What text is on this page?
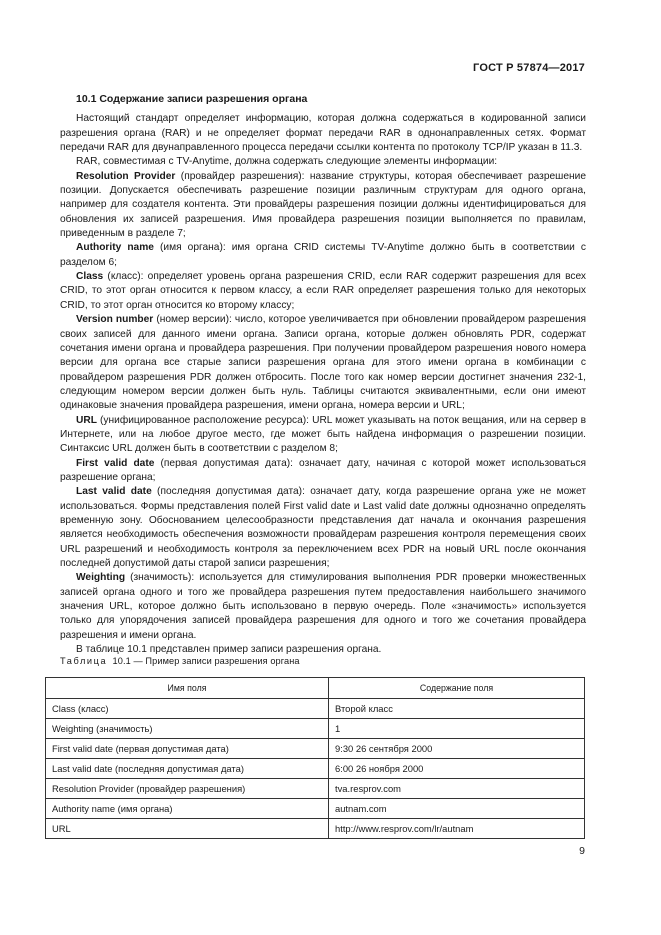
ГОСТ Р 57874—2017
10.1 Содержание записи разрешения органа

Настоящий стандарт определяет информацию, которая должна содержаться в кодированной записи разрешения органа (RAR) и не определяет формат передачи RAR в однонаправленных сетях. Формат передачи RAR для двунаправленного процесса передачи ссылки контента по протоколу TCP/IP указан в 11.3.

RAR, совместимая с TV-Anytime, должна содержать следующие элементы информации:

Resolution Provider (провайдер разрешения): название структуры, которая обеспечивает разрешение позиции. Допускается обеспечивать разрешение позиции различным структурам для одного органа, например для создателя контента. Эти провайдеры разрешения позиции должны идентифицироваться для обновления их записей разрешения. Имя провайдера разрешения позиции выполняется по правилам, приведенным в разделе 7;

Authority name (имя органа): имя органа CRID системы TV-Anytime должно быть в соответствии с разделом 6;

Class (класс): определяет уровень органа разрешения CRID, если RAR содержит разрешения для всех CRID, то этот орган относится к первом классу, а если RAR определяет разрешения только для некоторых CRID, то этот орган относится ко второму классу;

Version number (номер версии): число, которое увеличивается при обновлении провайдером разрешения своих записей для данного имени органа. Записи органа, которые должен обновлять PDR, содержат сочетания имени органа и провайдера разрешения. При получении провайдером разрешения нового номера версии для органа все старые записи разрешения органа для этого имени органа в комбинации с провайдером разрешения PDR должен отбросить. После того как номер версии достигнет значения 232-1, следующим номером версии должен быть нуль. Таблицы считаются эквивалентными, если они имеют одинаковые значения провайдера разрешения, имени органа, номера версии и URL;

URL (унифицированное расположение ресурса): URL может указывать на поток вещания, или на сервер в Интернете, или на любое другое место, где может быть найдена информация о разрешении позиции. Синтаксис URL должен быть в соответствии с разделом 8;

First valid date (первая допустимая дата): означает дату, начиная с которой может использоваться разрешение органа;

Last valid date (последняя допустимая дата): означает дату, когда разрешение органа уже не может использоваться. Формы представления полей First valid date и Last valid date должны однозначно определять временную зону. Обоснованием целесообразности представления дат начала и окончания разрешения является необходимость обеспечения возможности провайдерам разрешения контроля перемещения своих URL разрешений и необходимость контроля за переключением всех PDR на новый URL после окончания последней допустимой даты старой записи разрешения;

Weighting (значимость): используется для стимулирования выполнения PDR проверки множественных записей органа одного и того же провайдера разрешения путем предоставления наибольшего значимого значения URL, которое должно быть использовано в первую очередь. Поле «значимость» используется только для упорядочения записей провайдера разрешения для одного и того же сочетания провайдера разрешения и имени органа.

В таблице 10.1 представлен пример записи разрешения органа.

Таблица 10.1 — Пример записи разрешения органа
Имя поля	Содержание поля
Class (класс)	Второй класс
Weighting (значимость)	1
First valid date (первая допустимая дата)	9:30 26 сентября 2000
Last valid date (последняя допустимая дата)	6:00 26 ноября 2000
Resolution Provider (провайдер разрешения)	tva.resprov.com
Authority name (имя органа)	autnam.com
URL	http://www.resprov.com/lr/autnam
9
